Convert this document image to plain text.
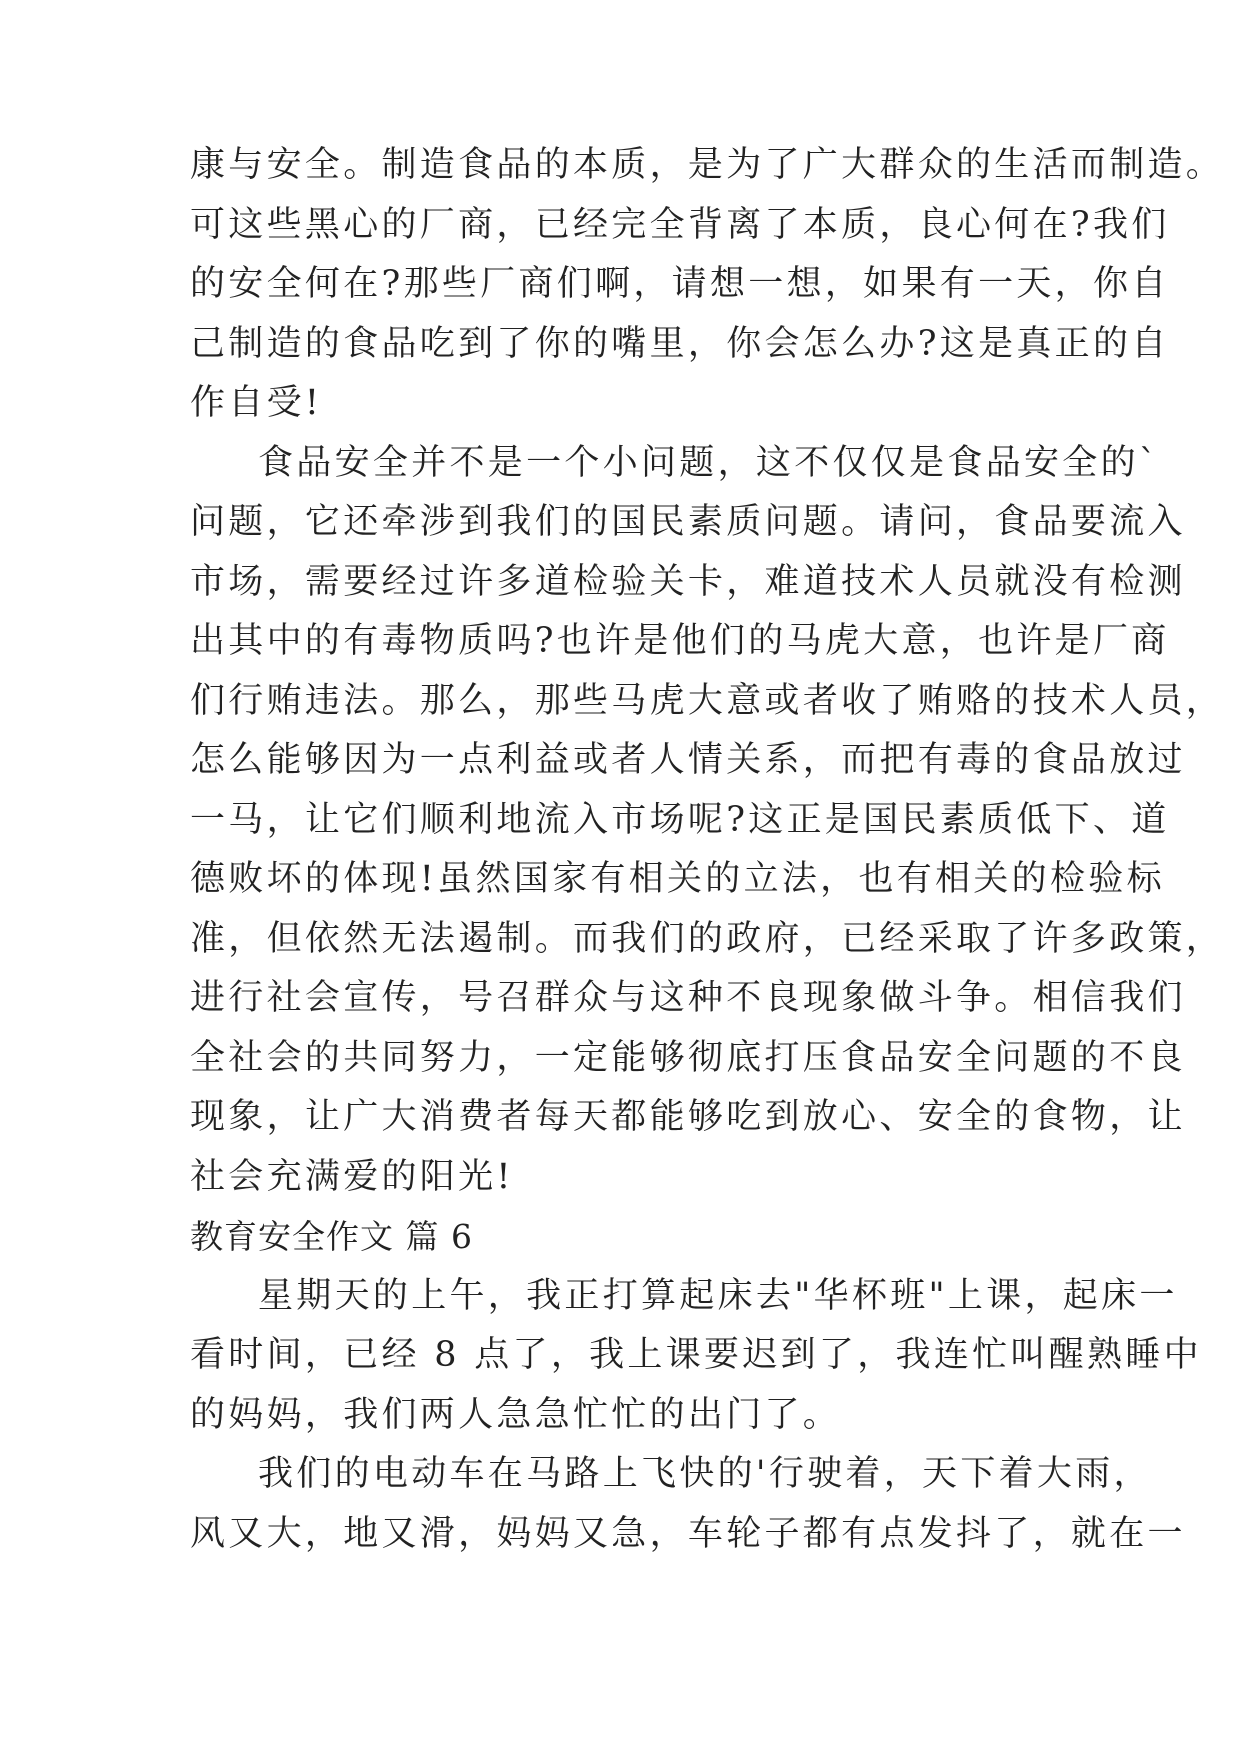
康与安全。制造食品的本质，是为了广大群众的生活而制造。
可这些黑心的厂商，已经完全背离了本质，良心何在?我们
的安全何在?那些厂商们啊，请想一想，如果有一天，你自
己制造的食品吃到了你的嘴里，你会怎么办?这是真正的自
作自受!
食品安全并不是一个小问题，这不仅仅是食品安全的`
问题，它还牵涉到我们的国民素质问题。请问，食品要流入
市场，需要经过许多道检验关卡，难道技术人员就没有检测
出其中的有毒物质吗?也许是他们的马虎大意，也许是厂商
们行贿违法。那么，那些马虎大意或者收了贿赂的技术人员，
怎么能够因为一点利益或者人情关系，而把有毒的食品放过
一马，让它们顺利地流入市场呢?这正是国民素质低下、道
德败坏的体现!虽然国家有相关的立法，也有相关的检验标
准，但依然无法遏制。而我们的政府，已经采取了许多政策，
进行社会宣传，号召群众与这种不良现象做斗争。相信我们
全社会的共同努力，一定能够彻底打压食品安全问题的不良
现象，让广大消费者每天都能够吃到放心、安全的食物，让
社会充满爱的阳光!
教育安全作文 篇 6
星期天的上午，我正打算起床去"华杯班"上课，起床一
看时间，已经 8 点了，我上课要迟到了，我连忙叫醒熟睡中
的妈妈，我们两人急急忙忙的出门了。
我们的电动车在马路上飞快的'行驶着，天下着大雨，
风又大，地又滑，妈妈又急，车轮子都有点发抖了，就在一
